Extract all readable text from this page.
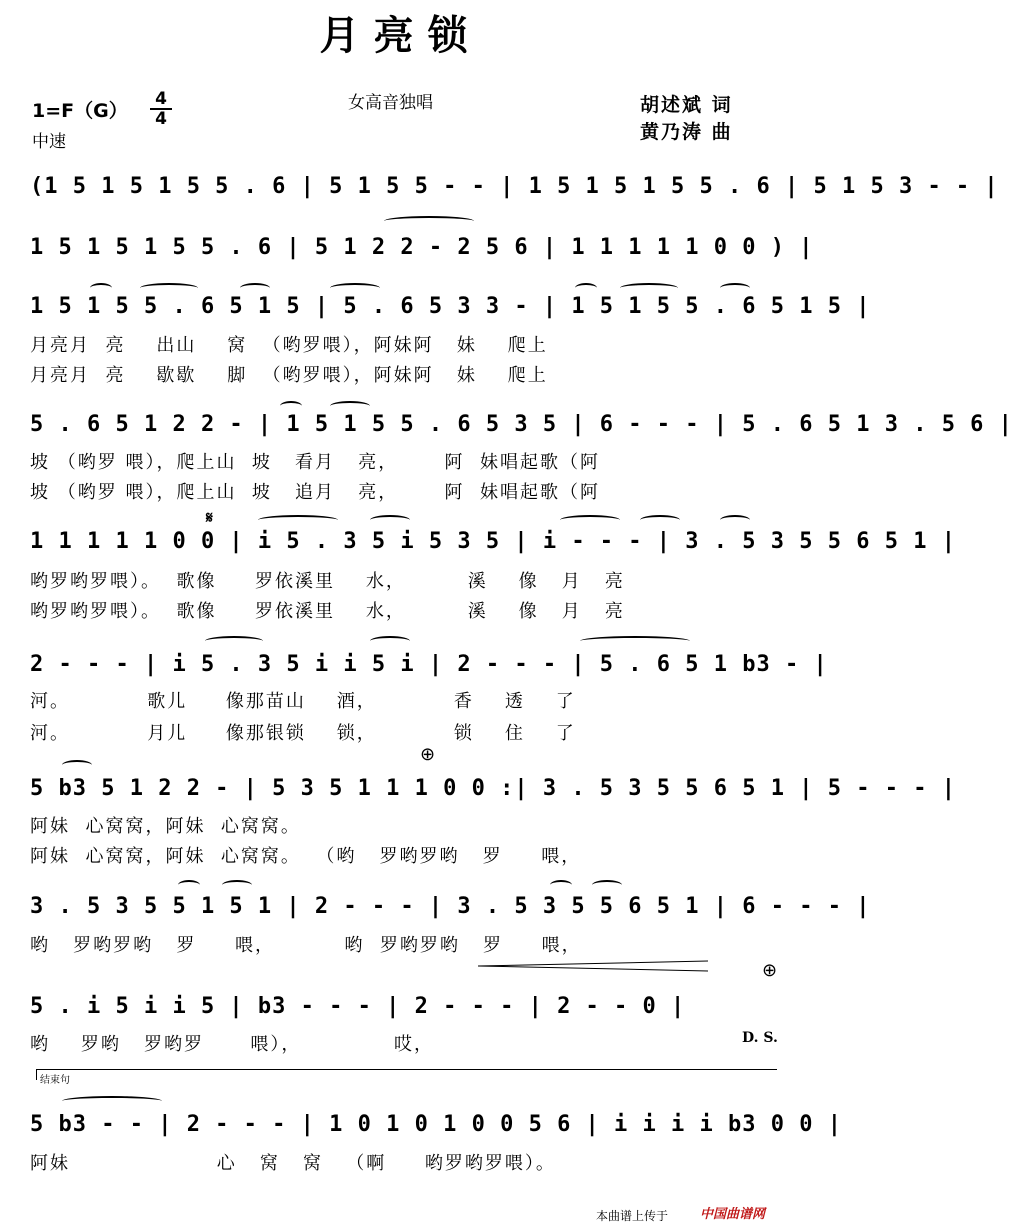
月亮锁
女高音独唱
1=F（G）
4
4
中速
胡述斌 词
黄乃涛 曲
(1 5 1 5 1 5 5 . 6 | 5 1 5 5 - - | 1 5 1 5 1 5 5 . 6 | 5 1 5 3 - - |
1 5 1 5 1 5 5 . 6 | 5 1 2 2 - 2 5 6 | 1 1 1 1 1 0 0 ) |
1 5 1 5 5 . 6 5 1 5 | 5 . 6 5 3 3 - | 1 5 1 5 5 . 6 5 1 5 |
月亮月  亮    出山    窝  （哟罗喂），阿妹阿   妹    爬上
月亮月  亮    歇歇    脚  （哟罗喂），阿妹阿   妹    爬上
5 . 6 5 1 2 2 - | 1 5 1 5 5 . 6 5 3 5 | 6 - - - | 5 . 6 5 1 3 . 5 6 |
坡 （哟罗 喂），爬上山  坡   看月   亮，      阿  妹唱起歌（阿
坡 （哟罗 喂），爬上山  坡   追月   亮，      阿  妹唱起歌（阿
1 1 1 1 1 0 0 | i 5 . 3 5 i 5 3 5 | i - - - | 3 . 5 3 5 5 6 5 1 |
𝄋
哟罗哟罗喂）。  歌像     罗依溪里    水，        溪    像   月   亮
哟罗哟罗喂）。  歌像     罗依溪里    水，        溪    像   月   亮
2 - - - | i 5 . 3 5 i i 5 i | 2 - - - | 5 . 6 5 1 b3 - |
河。          歌儿     像那苗山    酒，          香    透    了
河。          月儿     像那银锁    锁，          锁    住    了
⊕
5 b3 5 1 2 2 - | 5 3 5 1 1 1 0 0 :| 3 . 5 3 5 5 6 5 1 | 5 - - - |
阿妹  心窝窝，阿妹  心窝窝。
阿妹  心窝窝，阿妹  心窝窝。  （哟   罗哟罗哟   罗     喂，
3 . 5 3 5 5 1 5 1 | 2 - - - | 3 . 5 3 5 5 6 5 1 | 6 - - - |
哟   罗哟罗哟   罗     喂，         哟  罗哟罗哟   罗     喂，
⊕
5 . i 5 i i 5 | b3 - - - | 2 - - - | 2 - - 0 |
哟    罗哟   罗哟罗      喂），            哎，	D. S.
结束句
5 b3 - - | 2 - - - | 1 0 1 0 1 0 0 5 6 | i i i i b3 0 0 |
阿妹                   心   窝   窝   （啊     哟罗哟罗喂）。
本曲谱上传于 中国曲谱网
